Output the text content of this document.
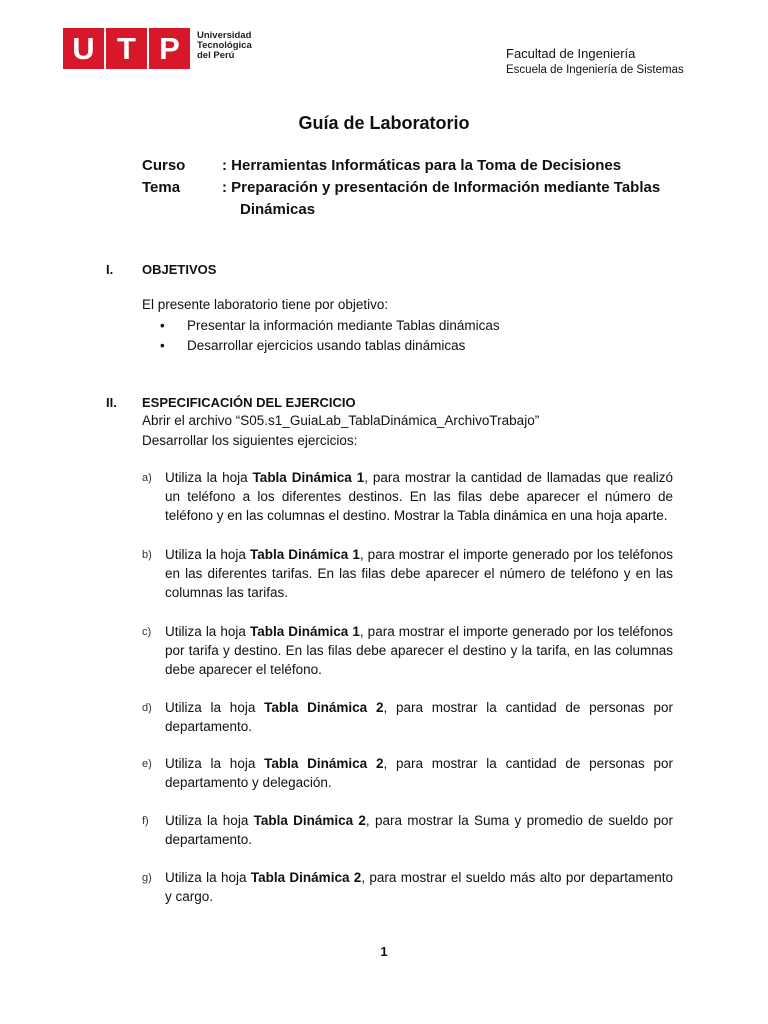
U T P	Universidad
Tecnológica
del Perú	Facultad de Ingeniería
Escuela de Ingeniería de Sistemas
Guía de Laboratorio
Curso : Herramientas Informáticas para la Toma de Decisiones
Tema	: Preparación y presentación de Información mediante Tablas
Dinámicas
I. OBJETIVOS
El presente laboratorio tiene por objetivo:
• Presentar la información mediante Tablas dinámicas
• Desarrollar ejercicios usando tablas dinámicas
II. ESPECIFICACIÓN DEL EJERCICIO
Abrir el archivo “S05.s1_GuiaLab_TablaDinámica_ArchivoTrabajo”
Desarrollar los siguientes ejercicios:
a) Utiliza la hoja Tabla Dinámica 1, para mostrar la cantidad de llamadas que realizó un teléfono a los diferentes destinos. En las filas debe aparecer el número de teléfono y en las columnas el destino. Mostrar la Tabla dinámica en una hoja aparte.
b) Utiliza la hoja Tabla Dinámica 1, para mostrar el importe generado por los teléfonos en las diferentes tarifas. En las filas debe aparecer el número de teléfono y en las columnas las tarifas.
c) Utiliza la hoja Tabla Dinámica 1, para mostrar el importe generado por los teléfonos por tarifa y destino. En las filas debe aparecer el destino y la tarifa, en las columnas debe aparecer el teléfono.
d) Utiliza la hoja Tabla Dinámica 2, para mostrar la cantidad de personas por departamento.
e) Utiliza la hoja Tabla Dinámica 2, para mostrar la cantidad de personas por departamento y delegación.
f) Utiliza la hoja Tabla Dinámica 2, para mostrar la Suma y promedio de sueldo por departamento.
g) Utiliza la hoja Tabla Dinámica 2, para mostrar el sueldo más alto por departamento y cargo.
1
